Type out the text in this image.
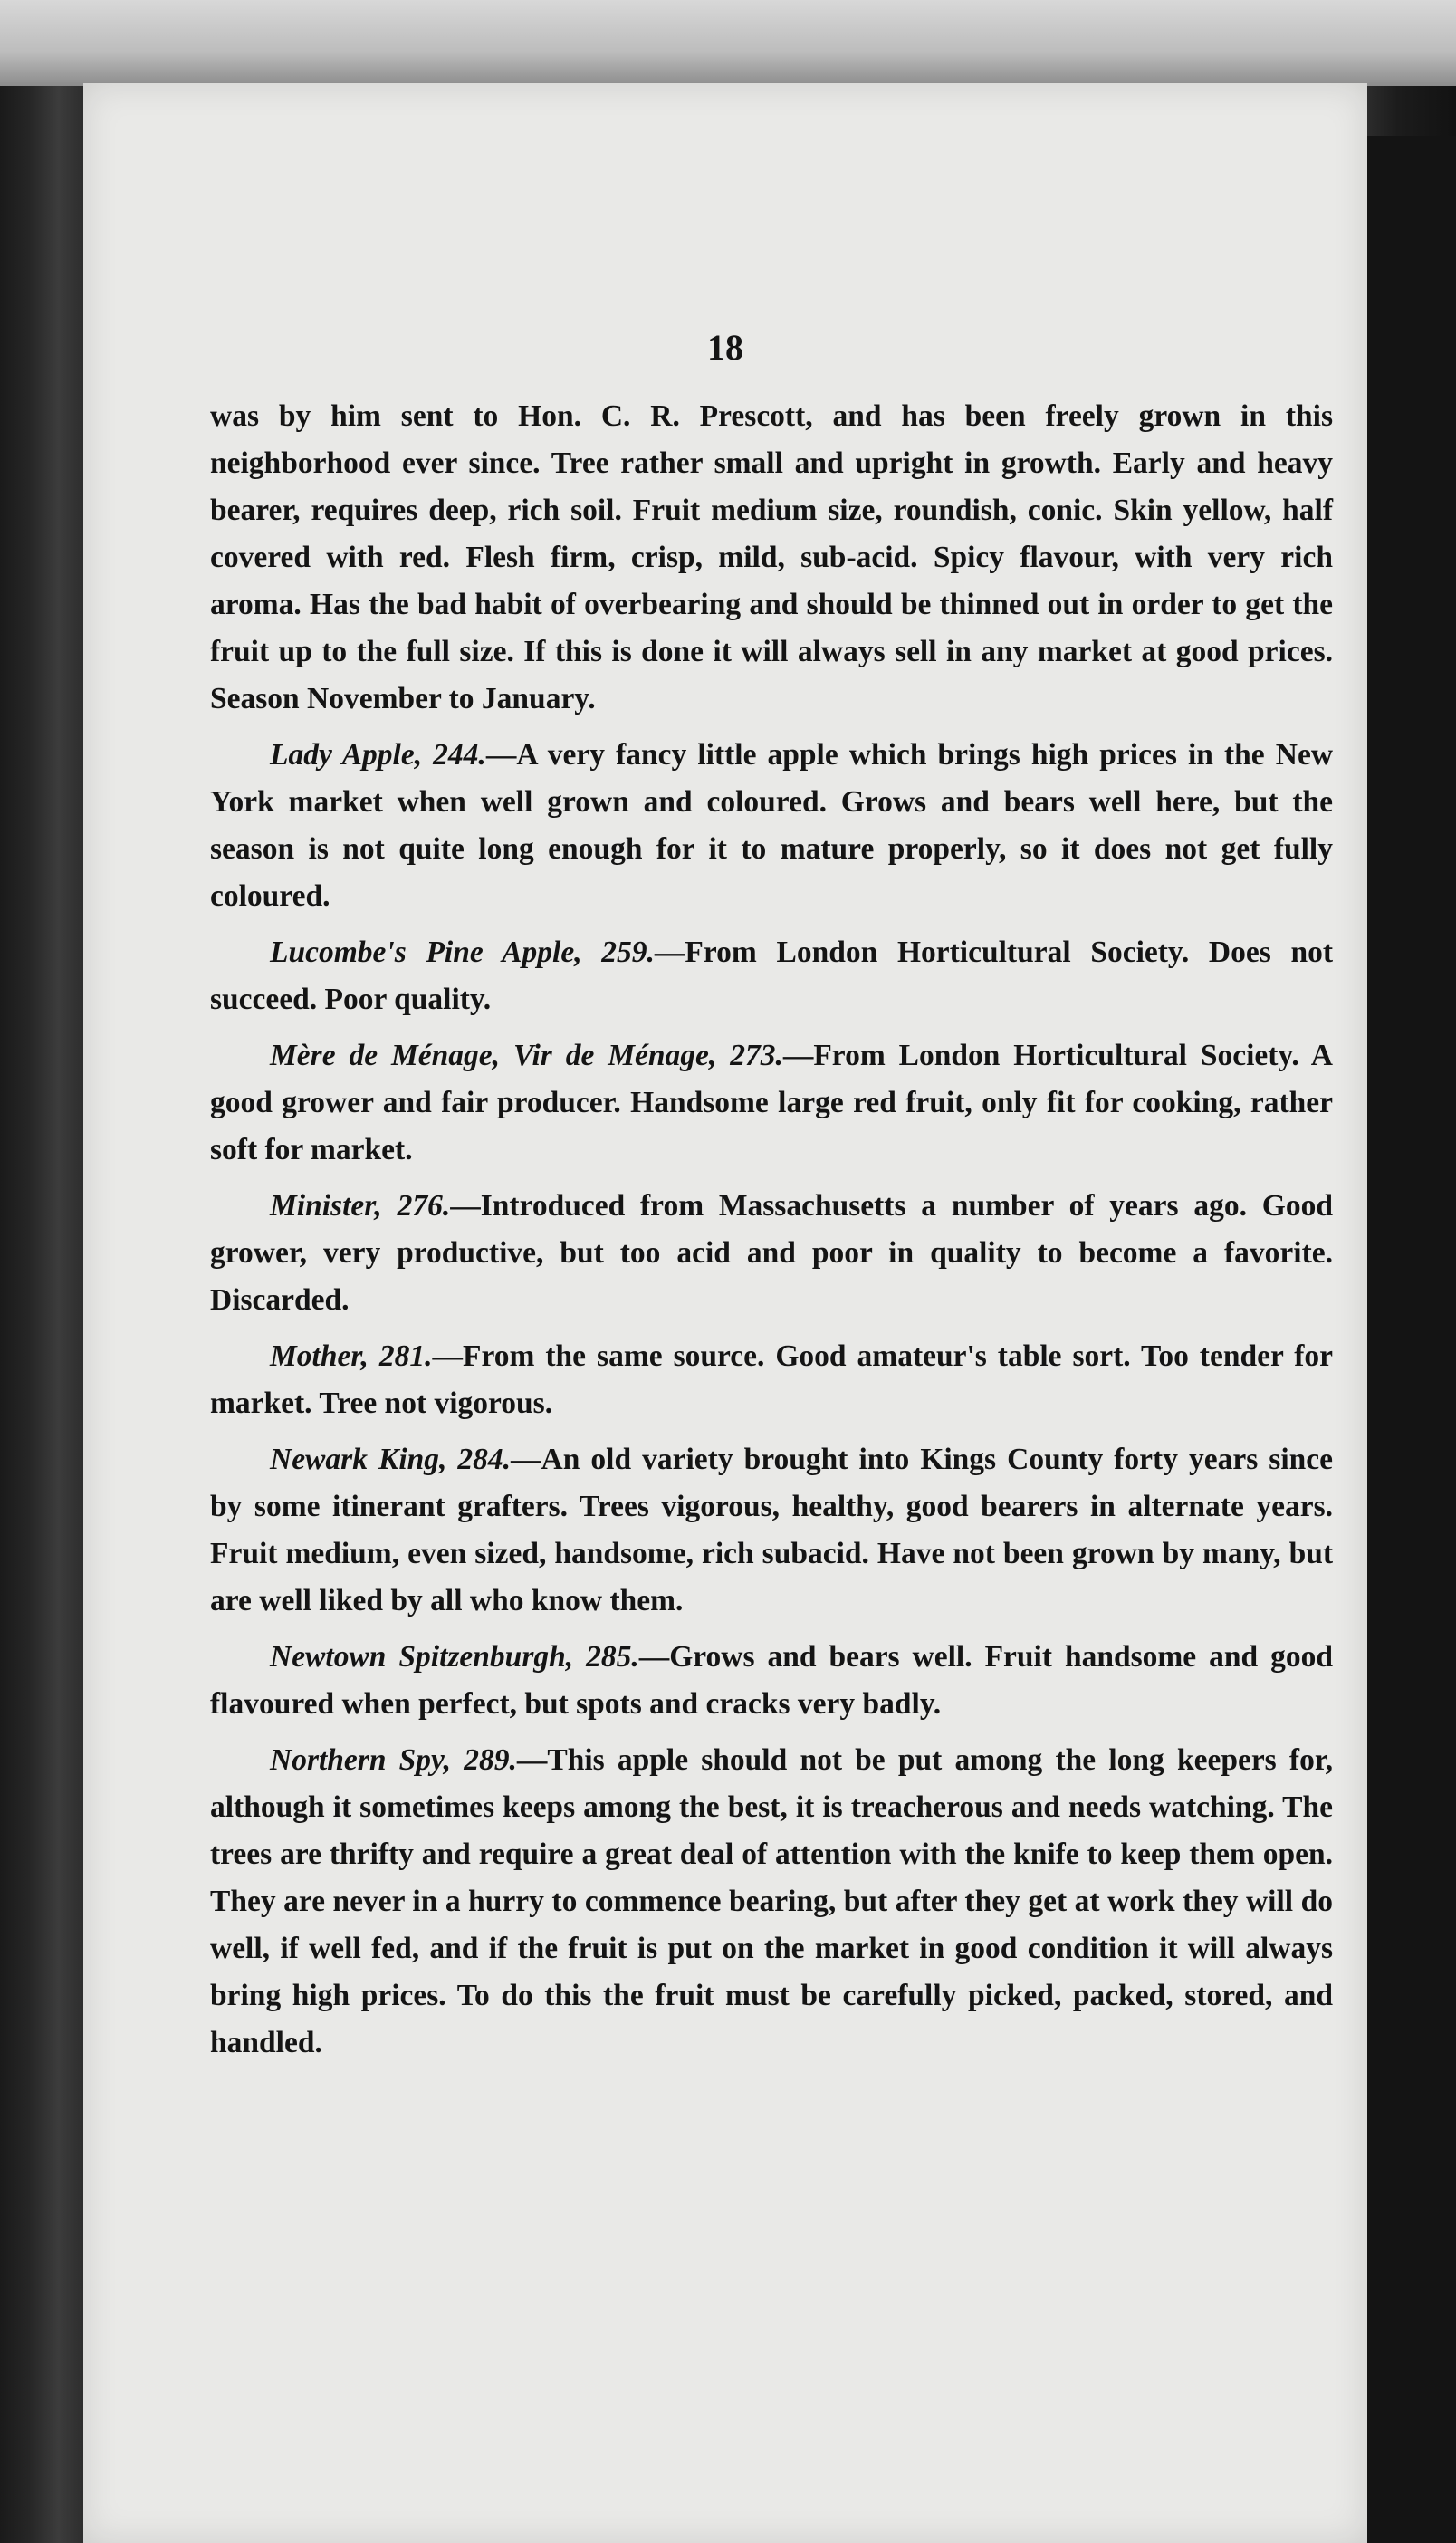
18

was by him sent to Hon. C. R. Prescott, and has been freely grown in this neighborhood ever since. Tree rather small and upright in growth. Early and heavy bearer, requires deep, rich soil. Fruit medium size, roundish, conic. Skin yellow, half covered with red. Flesh firm, crisp, mild, sub-acid. Spicy flavour, with very rich aroma. Has the bad habit of overbearing and should be thinned out in order to get the fruit up to the full size. If this is done it will always sell in any market at good prices. Season November to January.

Lady Apple, 244.—A very fancy little apple which brings high prices in the New York market when well grown and coloured. Grows and bears well here, but the season is not quite long enough for it to mature properly, so it does not get fully coloured.

Lucombe's Pine Apple, 259.—From London Horticultural Society. Does not succeed. Poor quality.

Mère de Ménage, Vir de Ménage, 273.—From London Horticultural Society. A good grower and fair producer. Handsome large red fruit, only fit for cooking, rather soft for market.

Minister, 276.—Introduced from Massachusetts a number of years ago. Good grower, very productive, but too acid and poor in quality to become a favorite. Discarded.

Mother, 281.—From the same source. Good amateur's table sort. Too tender for market. Tree not vigorous.

Newark King, 284.—An old variety brought into Kings County forty years since by some itinerant grafters. Trees vigorous, healthy, good bearers in alternate years. Fruit medium, even sized, handsome, rich subacid. Have not been grown by many, but are well liked by all who know them.

Newtown Spitzenburgh, 285.—Grows and bears well. Fruit handsome and good flavoured when perfect, but spots and cracks very badly.

Northern Spy, 289.—This apple should not be put among the long keepers for, although it sometimes keeps among the best, it is treacherous and needs watching. The trees are thrifty and require a great deal of attention with the knife to keep them open. They are never in a hurry to commence bearing, but after they get at work they will do well, if well fed, and if the fruit is put on the market in good condition it will always bring high prices. To do this the fruit must be carefully picked, packed, stored, and handled.
